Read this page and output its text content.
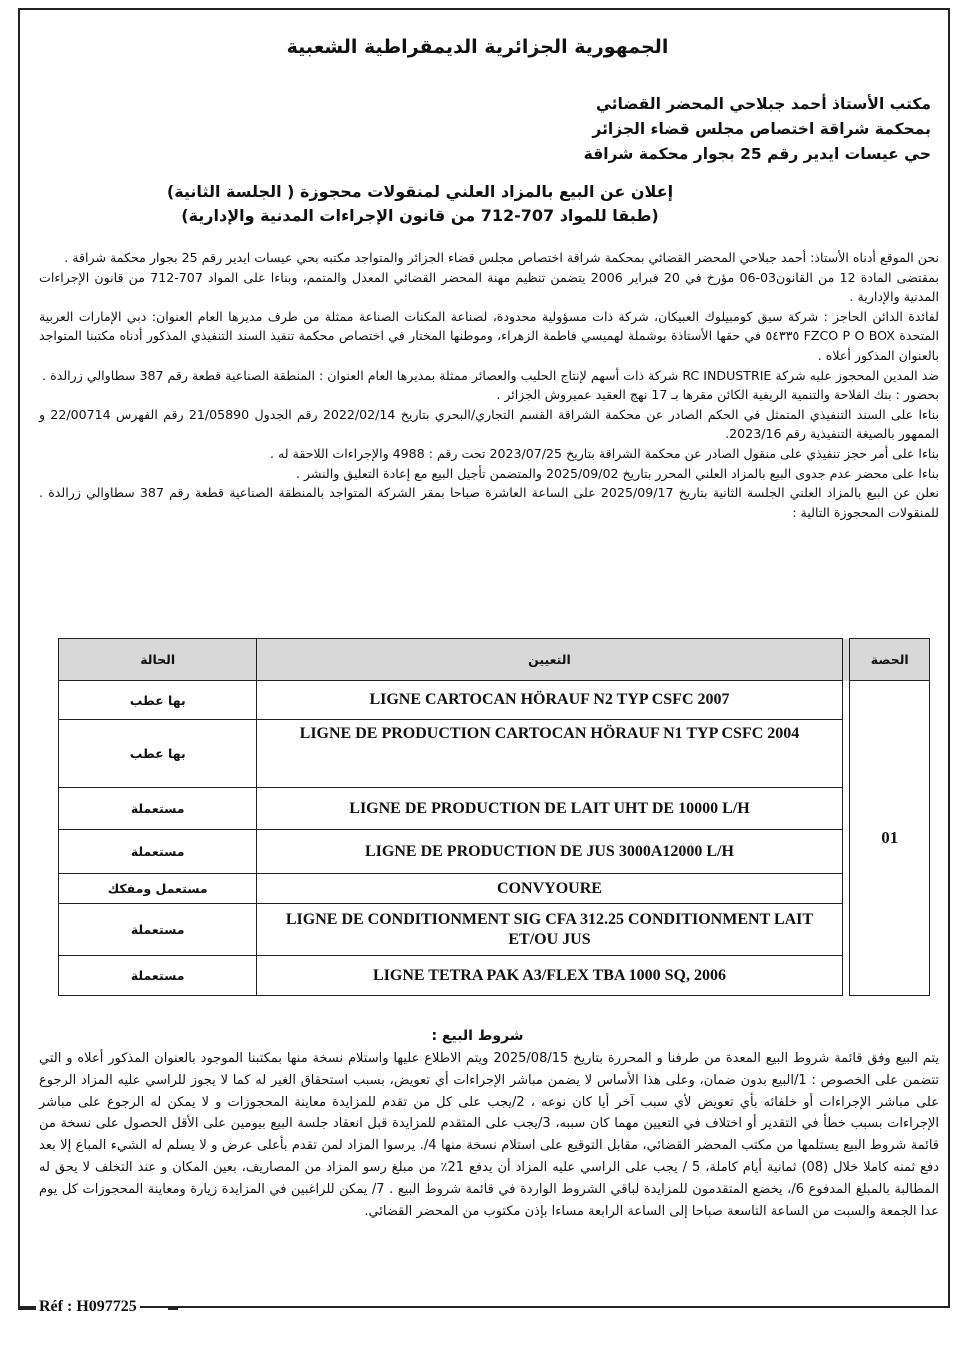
الجمهورية الجزائرية الديمقراطية الشعبية
مكتب الأستاذ أحمد جبلاحي المحضر القضائي
بمحكمة شراقة اختصاص مجلس قضاء الجزائر
حي عيسات ايدير رقم 25 بجوار محكمة شراقة
إعلان عن البيع بالمزاد العلني لمنقولات محجوزة ( الجلسة الثانية)
(طبقا للمواد 707-712 من قانون الإجراءات المدنية والإدارية)

نحن الموقع أدناه الأستاذ: أحمد جبلاحي المحضر القضائي بمحكمة شراقة اختصاص مجلس قضاء الجزائر والمتواجد مكتبه بحي عيسات ايدير رقم 25 بجوار محكمة شراقة .

بمقتضى المادة 12 من القانون03-06 مؤرخ في 20 فبراير 2006 يتضمن تنظيم مهنة المحضر القضائي المعدل والمتمم، وبناءا على المواد 707-712 من قانون الإجراءات المدنية والإدارية .

لفائدة الدائن الحاجز : شركة سيق كومبيلوك العبيكان، شركة ذات مسؤولية محدودة، لصناعة المكنات الصناعة ممثلة من طرف مديرها العام العنوان: دبي الإمارات العربية المتحدة FZCO P O BOX ٥٤٣٣٥ في حقها الأستاذة بوشملة لهميسي فاطمة الزهراء، وموطنها المختار في اختصاص محكمة تنفيذ السند التنفيذي المذكور أدناه مكتبنا المتواجد بالعنوان المذكور أعلاه .

ضد المدين المحجوز عليه شركة RC INDUSTRIE شركة ذات أسهم لإنتاج الحليب والعصائر ممثلة بمديرها العام العنوان : المنطقة الصناعية قطعة رقم 387 سطاوالي زرالدة .

بحضور : بنك الفلاحة والتنمية الريفية الكائن مقرها بـ 17 نهج العقيد عميروش الجزائر .

بناءا على السند التنفيذي المتمثل في الحكم الصادر عن محكمة الشراقة القسم التجاري/البحري بتاريخ 2022/02/14 رقم الجدول 21/05890 رقم الفهرس 22/00714 و الممهور بالصيغة التنفيذية رقم 2023/16.

بناءا على أمر حجز تنفيذي على منقول الصادر عن محكمة الشراقة بتاريخ 2023/07/25 تحت رقم : 4988 والإجراءات اللاحقة له .

بناءا على محضر عدم جدوى البيع بالمزاد العلني المحرر بتاريخ 2025/09/02 والمتضمن تأجيل البيع مع إعادة التعليق والنشر .

نعلن عن البيع بالمزاد العلني الجلسة الثانية بتاريخ 2025/09/17 على الساعة العاشرة صباحا بمقر الشركة المتواجد بالمنطقة الصناعية قطعة رقم 387 سطاوالي زرالدة . للمنقولات المحجوزة التالية :

الحصة		التعيين	الحالة
01		LIGNE CARTOCAN HÖRAUF N2 TYP CSFC 2007	بها عطب
		LIGNE DE PRODUCTION CARTOCAN HÖRAUF N1 TYP CSFC 2004	بها عطب
		LIGNE DE PRODUCTION DE LAIT UHT DE 10000 L/H	مستعملة
		LIGNE DE PRODUCTION DE JUS 3000A12000 L/H	مستعملة
		CONVYOURE	مستعمل ومفكك
		LIGNE DE CONDITIONMENT SIG CFA 312.25 CONDITIONMENT LAIT ET/OU JUS	مستعملة
		LIGNE TETRA PAK A3/FLEX TBA 1000 SQ, 2006	مستعملة
شروط البيع :
يتم البيع وفق قائمة شروط البيع المعدة من طرفنا و المحررة بتاريخ 2025/08/15 ويتم الاطلاع عليها واستلام نسخة منها بمكتبنا الموجود بالعنوان المذكور أعلاه و التي تتضمن على الخصوص : 1/البيع بدون ضمان، وعلى هذا الأساس لا يضمن مباشر الإجراءات أي تعويض، بسبب استحقاق الغير له كما لا يجوز للراسي عليه المزاد الرجوع على مباشر الإجراءات أو خلفائه بأي تعويض لأي سبب آخر أيا كان نوعه ، 2/يجب على كل من تقدم للمزايدة معاينة المحجوزات و لا يمكن له الرجوع على مباشر الإجراءات بسبب خطأ في التقدير أو اختلاف في التعيين مهما كان سببه، 3/يجب على المتقدم للمزايدة قبل انعقاد جلسة البيع بيومين على الأقل الحصول على نسخة من قائمة شروط البيع يستلمها من مكتب المحضر القضائي، مقابل التوقيع على استلام نسخة منها 4/. يرسوا المزاد لمن تقدم بأعلى عرض و لا يسلم له الشيء المباع إلا بعد دفع ثمنه كاملا خلال (08) ثمانية أيام كاملة، 5 / يجب على الراسي عليه المزاد أن يدفع 21٪ من مبلغ رسو المزاد من المصاريف، بعين المكان و عند التخلف لا يحق له المطالبة بالمبلغ المدفوع 6/، يخضع المتقدمون للمزايدة لباقي الشروط الواردة في قائمة شروط البيع . 7/ يمكن للراغبين في المزايدة زيارة ومعاينة المحجوزات كل يوم عدا الجمعة والسبت من الساعة التاسعة صباحا إلى الساعة الرابعة مساءا بإذن مكتوب من المحضر القضائي.
Réf : H097725
